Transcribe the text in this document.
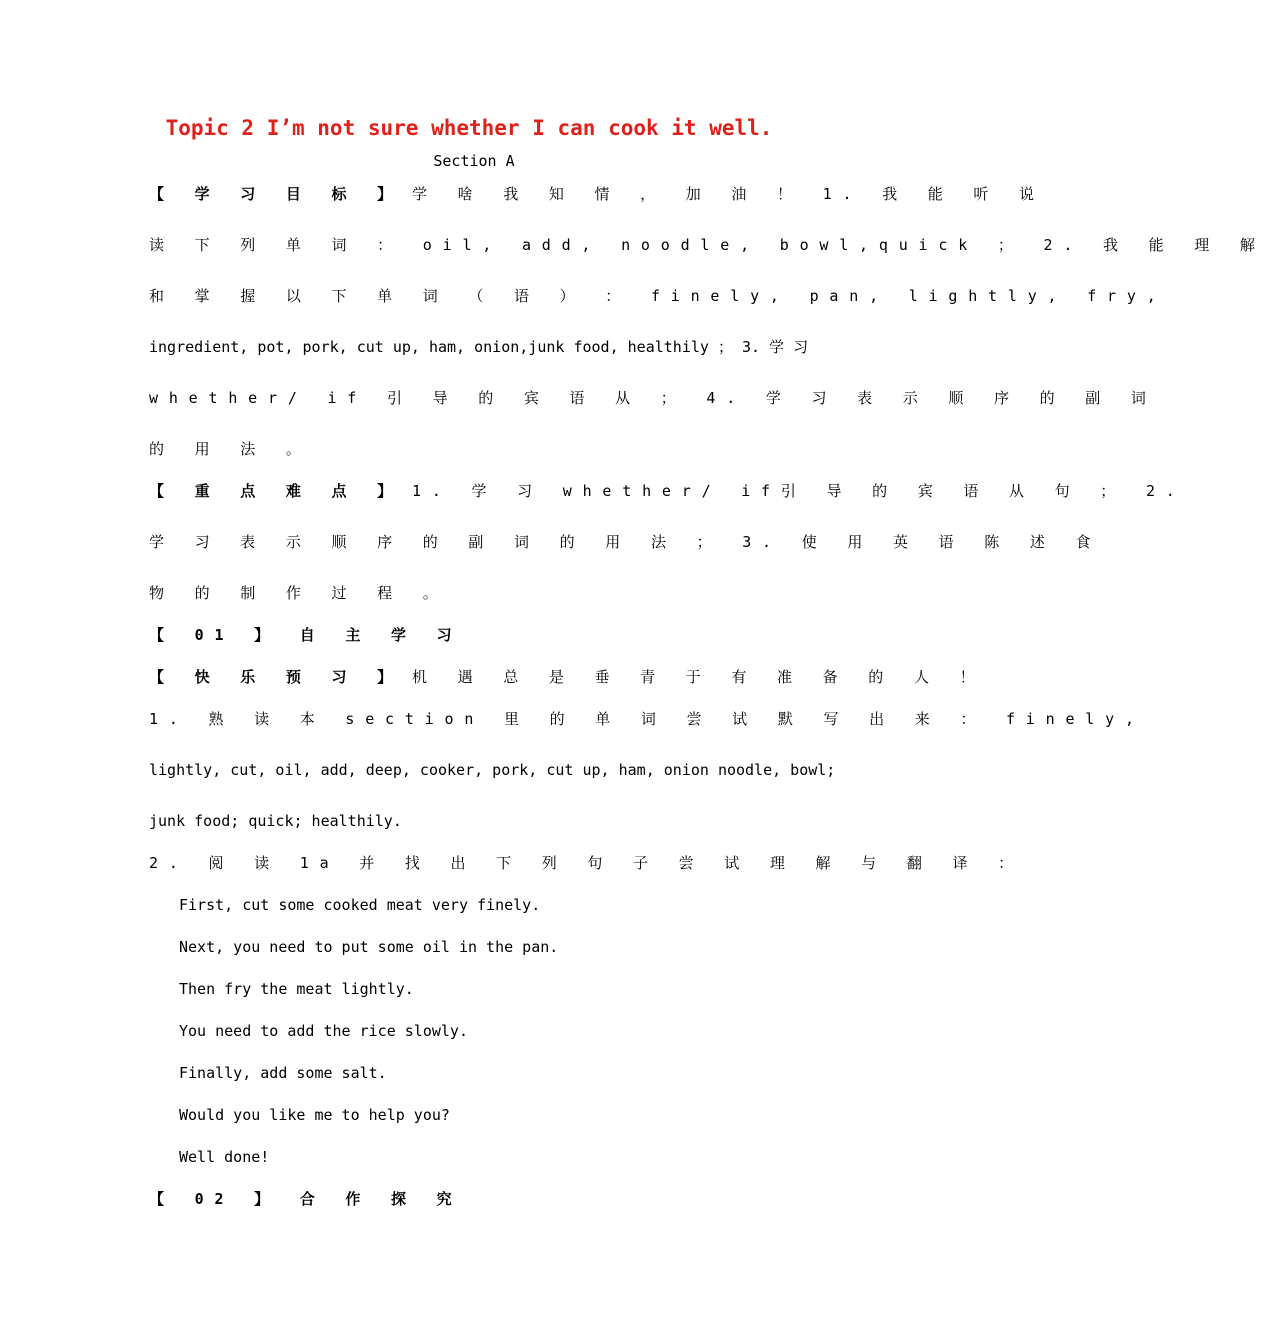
Topic 2 I’m not sure whether I can cook it well.
Section A
【 学 习 目 标 】 学 啥 我 知 情 ， 加 油 ！ 1. 我 能 听 说
读 下 列 单 词 ： oil, add, noodle, bowl,quick ； 2. 我 能 理 解
和 掌 握 以 下 单 词 （ 语 ） ： finely, pan, lightly, fry,
ingredient, pot, pork, cut up, ham, onion,junk food, healthily ； 3. 学 习
whether/ if 引 导 的 宾 语 从 ； 4. 学 习 表 示 顺 序 的 副 词
的 用 法 。
【 重 点 难 点 】 1. 学 习 whether/ if引 导 的 宾 语 从 句 ； 2.
学 习 表 示 顺 序 的 副 词 的 用 法 ； 3. 使 用 英 语 陈 述 食
物 的 制 作 过 程 。
【 01 】 自 主 学 习
【 快 乐 预 习 】 机 遇 总 是 垂 青 于 有 准 备 的 人 ！
1. 熟 读 本 section 里 的 单 词 尝 试 默 写 出 来 ： finely,
lightly, cut, oil, add, deep, cooker, pork, cut up, ham, onion noodle, bowl;
junk food; quick; healthily.
2. 阅 读 1a 并 找 出 下 列 句 子 尝 试 理 解 与 翻 译 ：
First, cut some cooked meat very finely.
Next, you need to put some oil in the pan.
Then fry the meat lightly.
You need to add the rice slowly.
Finally, add some salt.
Would you like me to help you?
Well done!
【 02 】 合 作 探 究
